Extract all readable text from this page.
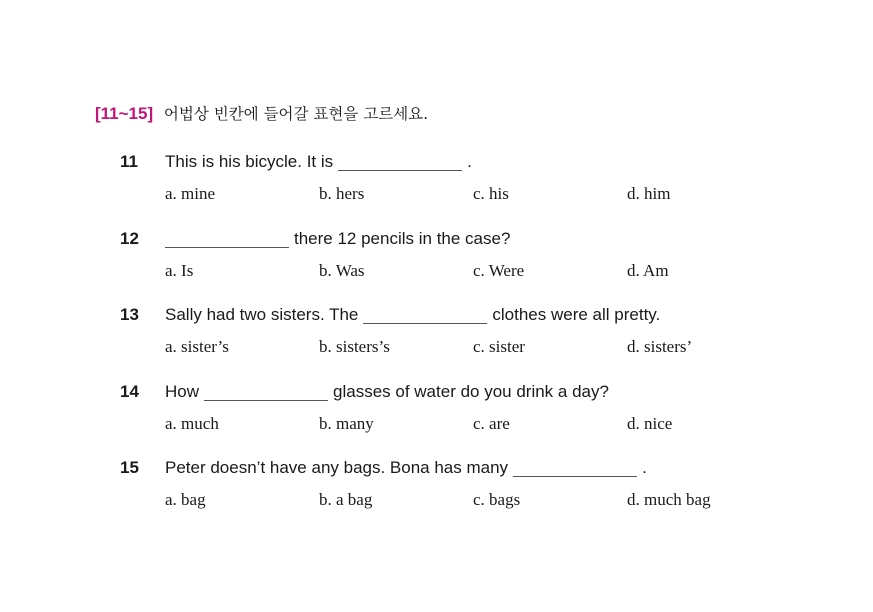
[11~15] 어법상 빈칸에 들어갈 표현을 고르세요.
11 This is his bicycle. It is	.
a. mine	b. hers	c. his	d. him
12	there 12 pencils in the case?
a. Is	b. Was	c. Were	d. Am
13 Sally had two sisters. The	clothes were all pretty.
a. sister’s	b. sisters’s	c. sister	d. sisters’
14 How	glasses of water do you drink a day?
a. much	b. many	c. are	d. nice
15 Peter doesn’t have any bags. Bona has many	.
a. bag	b. a bag	c. bags	d. much bag
